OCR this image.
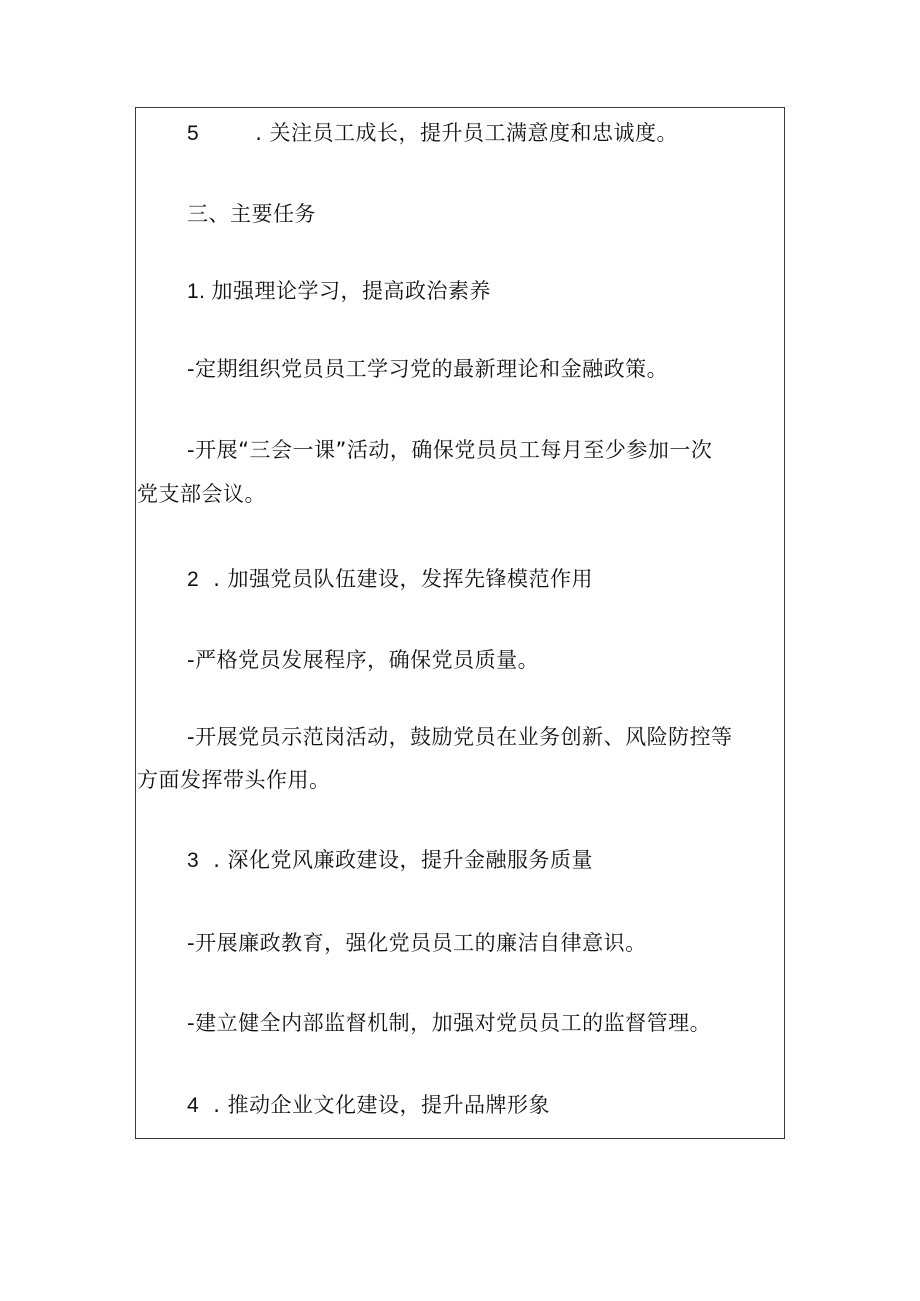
5	. 关注员工成长，提升员工满意度和忠诚度。
三、主要任务
1. 加强理论学习，提高政治素养
-定期组织党员员工学习党的最新理论和金融政策。
-开展“三会一课”活动，确保党员员工每月至少参加一次
党支部会议。
2 . 加强党员队伍建设，发挥先锋模范作用
-严格党员发展程序，确保党员质量。
-开展党员示范岗活动，鼓励党员在业务创新、风险防控等
方面发挥带头作用。
3 . 深化党风廉政建设，提升金融服务质量
-开展廉政教育，强化党员员工的廉洁自律意识。
-建立健全内部监督机制，加强对党员员工的监督管理。
4 . 推动企业文化建设，提升品牌形象
